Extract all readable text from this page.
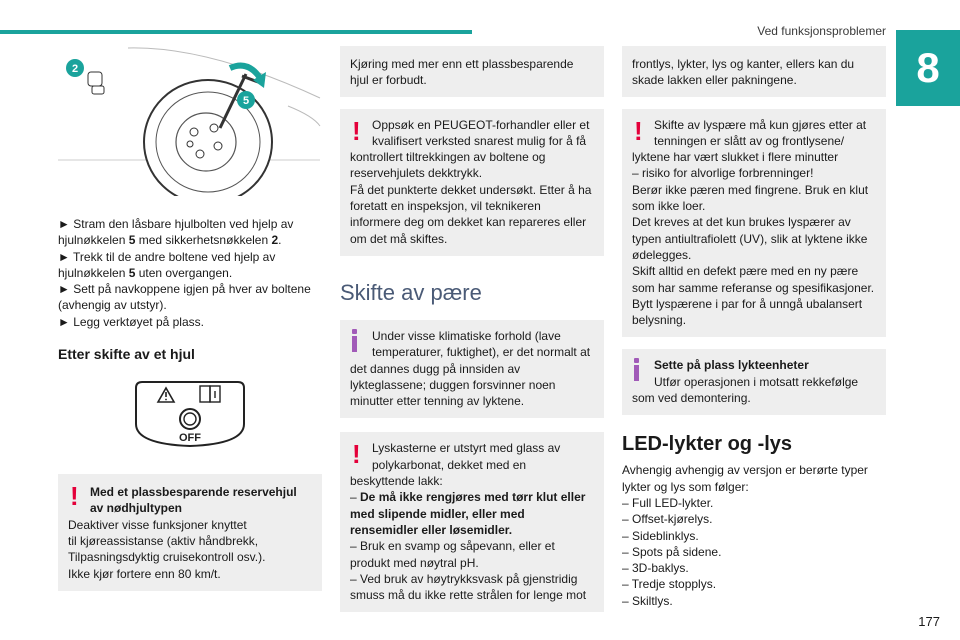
Ved funksjonsproblemer
8
177
2
5
► Stram den låsbare hjulbolten ved hjelp av hjulnøkkelen 5 med sikkerhetsnøkkelen 2.
► Trekk til de andre boltene ved hjelp av hjulnøkkelen 5 uten overgangen.
► Sett på navkoppene igjen på hver av boltene (avhengig av utstyr).
► Legg verktøyet på plass.
Etter skifte av et hjul
OFF
! Med et plassbesparende reservehjul av nødhjultypen
Deaktiver visse funksjoner knyttet
til kjøreassistanse (aktiv håndbrekk,
Tilpasningsdyktig cruisekontroll osv.).
Ikke kjør fortere enn 80 km/t.
Kjøring med mer enn ett plassbesparende hjul er forbudt.
! Oppsøk en PEUGEOT-forhandler eller et kvalifisert verksted snarest mulig for å få
kontrollert tiltrekkingen av boltene og reservehjulets dekktrykk.
Få det punkterte dekket undersøkt. Etter å ha foretatt en inspeksjon, vil teknikeren informere deg om dekket kan repareres eller om det må skiftes.
Skifte av pære
Under visse klimatiske forhold (lave temperaturer, fuktighet), er det normalt at
det dannes dugg på innsiden av lykteglassene; duggen forsvinner noen minutter etter tenning av lyktene.
! Lyskasterne er utstyrt med glass av polykarbonat, dekket med en
beskyttende lakk:
– De må ikke rengjøres med tørr klut eller med slipende midler, eller med rensemidler eller løsemidler.
– Bruk en svamp og såpevann, eller et produkt med nøytral pH.
– Ved bruk av høytrykksvask på gjenstridig smuss må du ikke rette strålen for lenge mot
frontlys, lykter, lys og kanter, ellers kan du skade lakken eller pakningene.
! Skifte av lyspære må kun gjøres etter at tenningen er slått av og frontlysene/
lyktene har vært slukket i flere minutter
– risiko for alvorlige forbrenninger!
Berør ikke pæren med fingrene. Bruk en klut som ikke loer.
Det kreves at det kun brukes lyspærer av typen antiultrafiolett (UV), slik at lyktene ikke ødelegges.
Skift alltid en defekt pære med en ny pære som har samme referanse og spesifikasjoner. Bytt lyspærene i par for å unngå ubalansert belysning.
Sette på plass lykteenheter
Utfør operasjonen i motsatt rekkefølge
som ved demontering.
LED-lykter og -lys
Avhengig avhengig av versjon er berørte typer lykter og lys som følger:
– Full LED-lykter.
– Offset-kjørelys.
– Sideblinklys.
– Spots på sidene.
– 3D-baklys.
– Tredje stopplys.
– Skiltlys.
